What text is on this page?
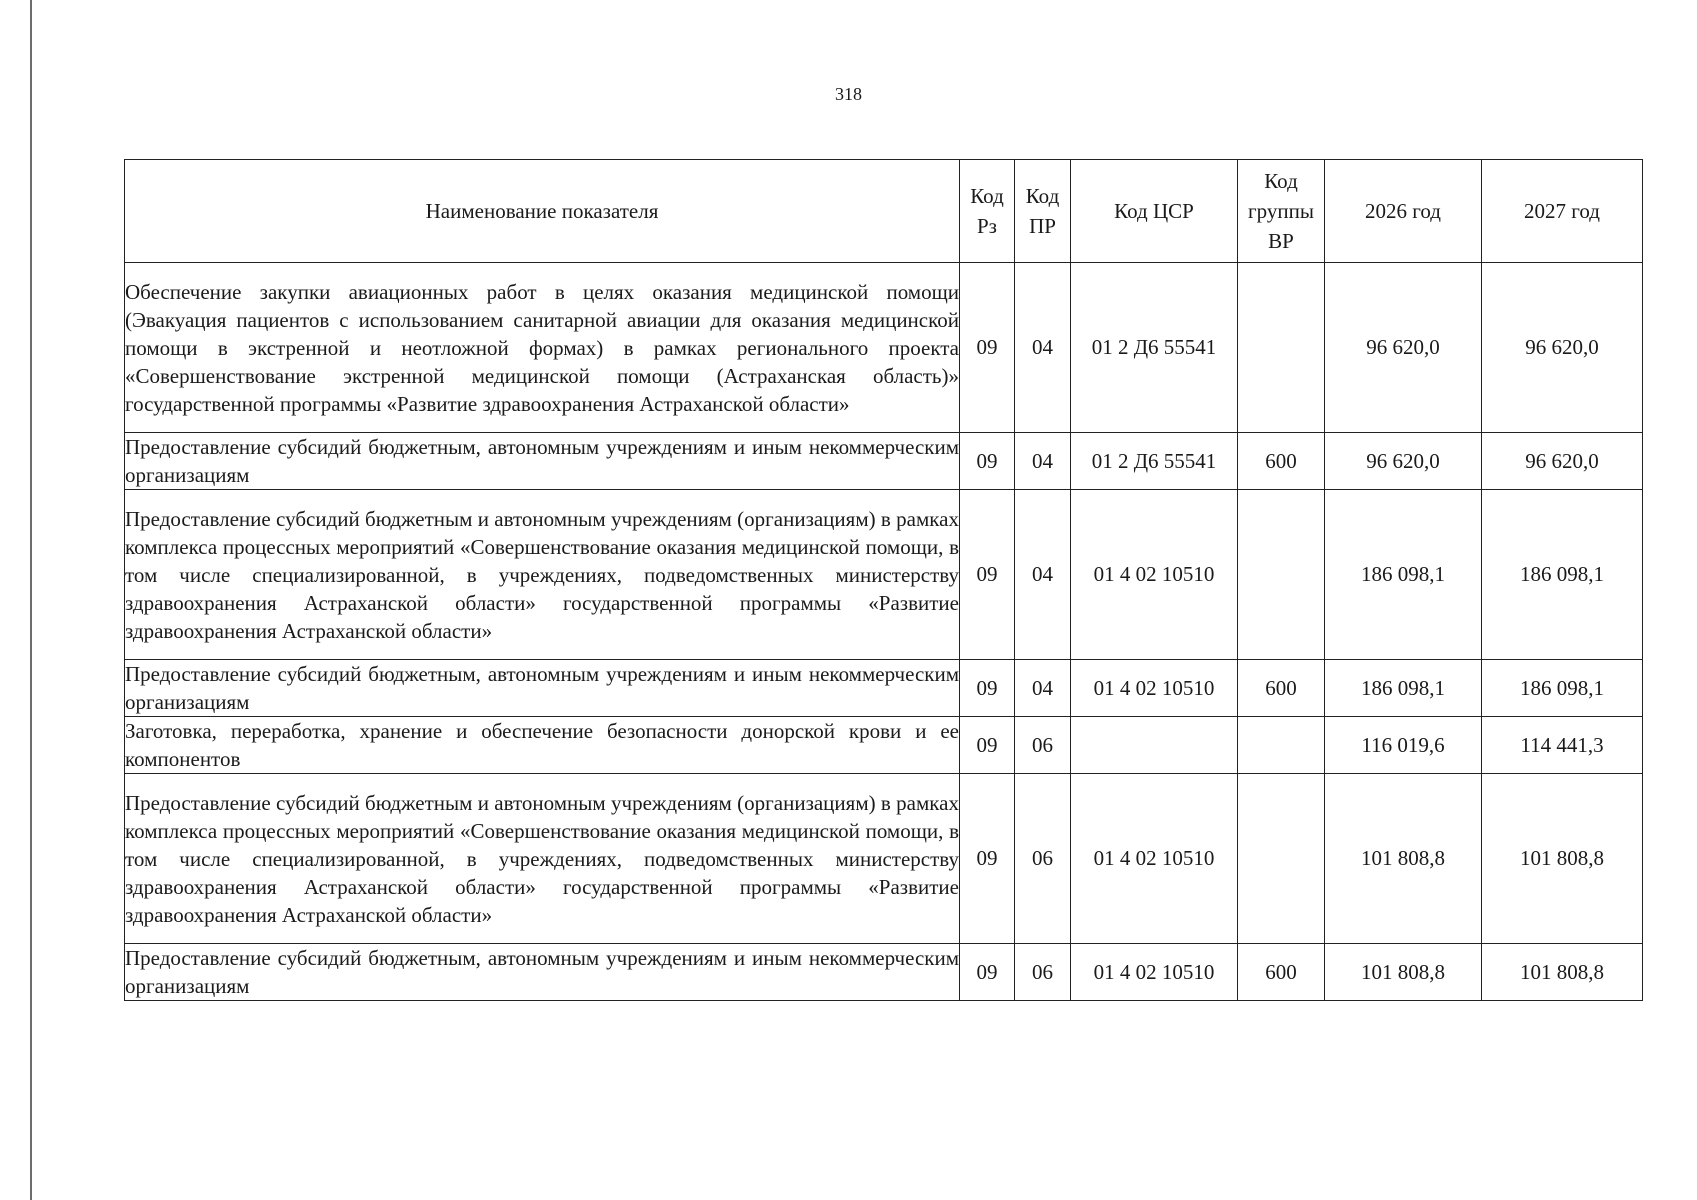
318
Наименование показателя	Код Рз	Код ПР	Код ЦСР	Код группы ВР	2026 год	2027 год
Обеспечение закупки авиационных работ в целях оказания медицинской помощи (Эвакуация пациентов с использованием санитарной авиации для оказания медицинской помощи в экстренной и неотложной формах) в рамках регионального проекта «Совершенствование экстренной медицинской помощи (Астраханская область)» государственной программы «Развитие здравоохранения Астраханской области»	09	04	01 2 Д6 55541		96 620,0	96 620,0
Предоставление субсидий бюджетным, автономным учреждениям и иным некоммерческим организациям	09	04	01 2 Д6 55541	600	96 620,0	96 620,0
Предоставление субсидий бюджетным и автономным учреждениям (организациям) в рамках комплекса процессных мероприятий «Совершенствование оказания медицинской помощи, в том числе специализированной, в учреждениях, подведомственных министерству здравоохранения Астраханской области» государственной программы «Развитие здравоохранения Астраханской области»	09	04	01 4 02 10510		186 098,1	186 098,1
Предоставление субсидий бюджетным, автономным учреждениям и иным некоммерческим организациям	09	04	01 4 02 10510	600	186 098,1	186 098,1
Заготовка, переработка, хранение и обеспечение безопасности донорской крови и ее компонентов	09	06			116 019,6	114 441,3
Предоставление субсидий бюджетным и автономным учреждениям (организациям) в рамках комплекса процессных мероприятий «Совершенствование оказания медицинской помощи, в том числе специализированной, в учреждениях, подведомственных министерству здравоохранения Астраханской области» государственной программы «Развитие здравоохранения Астраханской области»	09	06	01 4 02 10510		101 808,8	101 808,8
Предоставление субсидий бюджетным, автономным учреждениям и иным некоммерческим организациям	09	06	01 4 02 10510	600	101 808,8	101 808,8
